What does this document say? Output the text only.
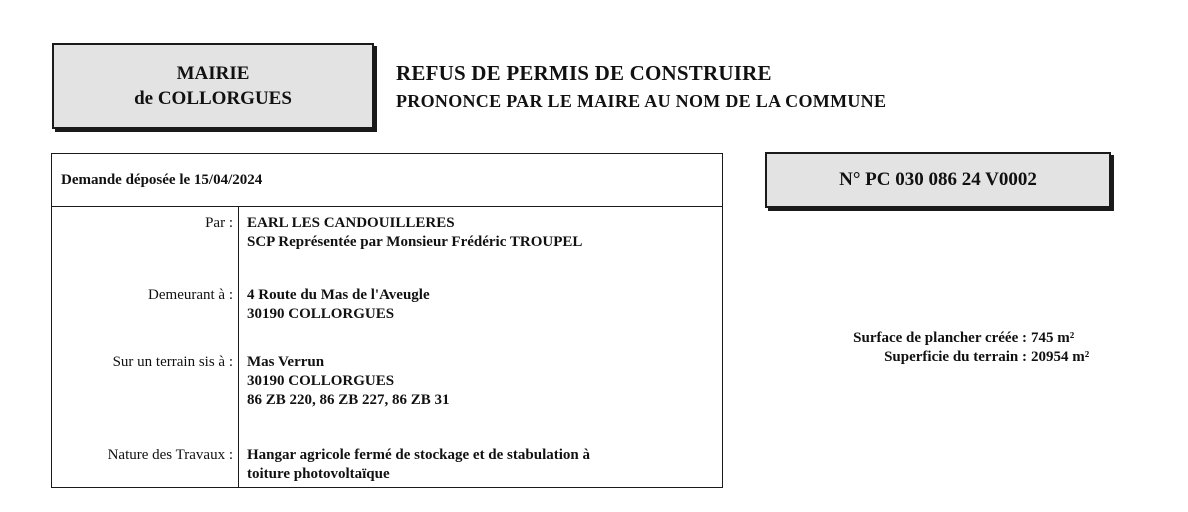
MAIRIE
de COLLORGUES
REFUS DE PERMIS DE CONSTRUIRE
PRONONCE PAR LE MAIRE AU NOM DE LA COMMUNE
Demande déposée le 15/04/2024
Par : EARL LES CANDOUILLERES
SCP Représentée par Monsieur Frédéric TROUPEL
Demeurant à : 4 Route du Mas de l'Aveugle
30190 COLLORGUES
Sur un terrain sis à : Mas Verrun
30190 COLLORGUES
86 ZB 220, 86 ZB 227, 86 ZB 31
Nature des Travaux : Hangar agricole fermé de stockage et de stabulation à
toiture photovoltaïque
N° PC 030 086 24 V0002
Surface de plancher créée : 745 m²
Superficie du terrain : 20954 m²
